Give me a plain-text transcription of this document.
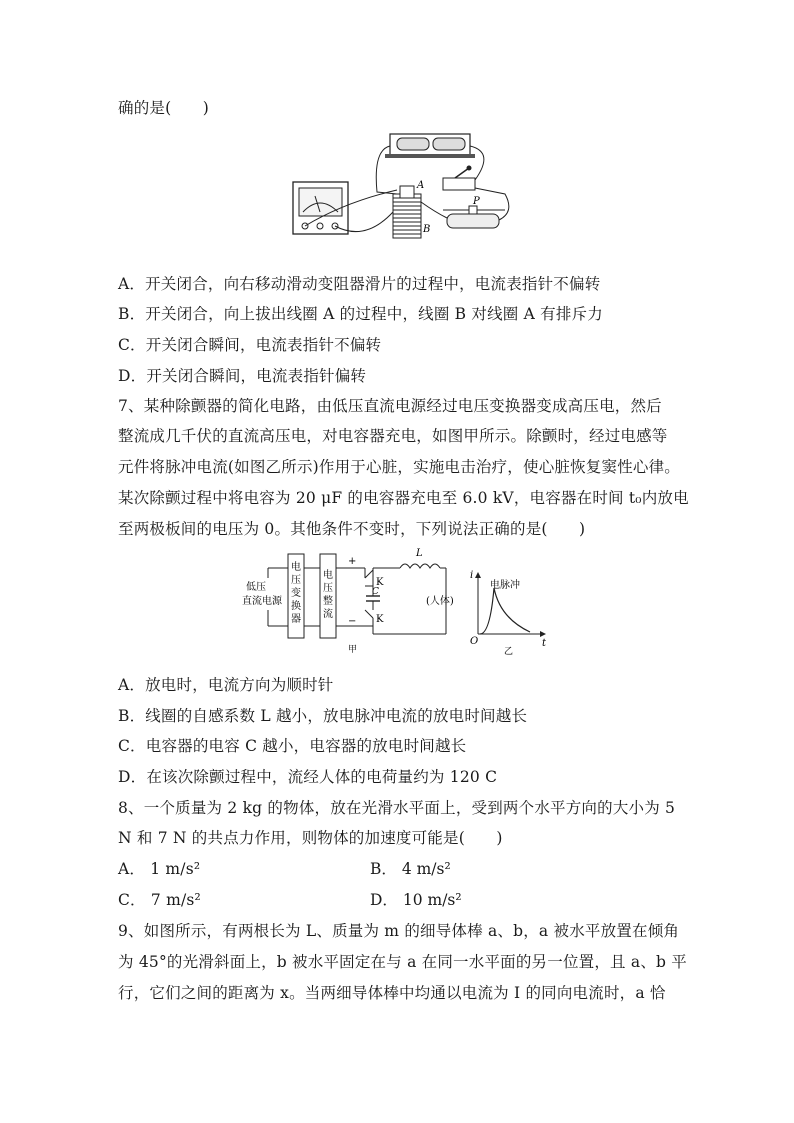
确的是(　　)
A
B
P
A．开关闭合，向右移动滑动变阻器滑片的过程中，电流表指针不偏转
B．开关闭合，向上拔出线圈 A 的过程中，线圈 B 对线圈 A 有排斥力
C．开关闭合瞬间，电流表指针不偏转
D．开关闭合瞬间，电流表指针偏转
7、某种除颤器的简化电路，由低压直流电源经过电压变换器变成高压电，然后
整流成几千伏的直流高压电，对电容器充电，如图甲所示。除颤时，经过电感等
元件将脉冲电流(如图乙所示)作用于心脏，实施电击治疗，使心脏恢复窦性心律。
某次除颤过程中将电容为 20 μF 的电容器充电至 6.0 kV，电容器在时间 t₀内放电
至两极板间的电压为 0。其他条件不变时，下列说法正确的是(　　)
低压
直流电源
电
压
变
换
器
电
压
整
流
+
−
K
C
K
L
(人体)
甲
i
t
O
电脉冲
乙
A．放电时，电流方向为顺时针
B．线圈的自感系数 L 越小，放电脉冲电流的放电时间越长
C．电容器的电容 C 越小，电容器的放电时间越长
D．在该次除颤过程中，流经人体的电荷量约为 120 C
8、一个质量为 2 kg 的物体，放在光滑水平面上，受到两个水平方向的大小为 5
N 和 7 N 的共点力作用，则物体的加速度可能是(　　)
A． 1 m/s²	B． 4 m/s²
C． 7 m/s²	D． 10 m/s²
9、如图所示，有两根长为 L、质量为 m 的细导体棒 a、b，a 被水平放置在倾角
为 45°的光滑斜面上，b 被水平固定在与 a 在同一水平面的另一位置，且 a、b 平
行，它们之间的距离为 x。当两细导体棒中均通以电流为 I 的同向电流时，a 恰
